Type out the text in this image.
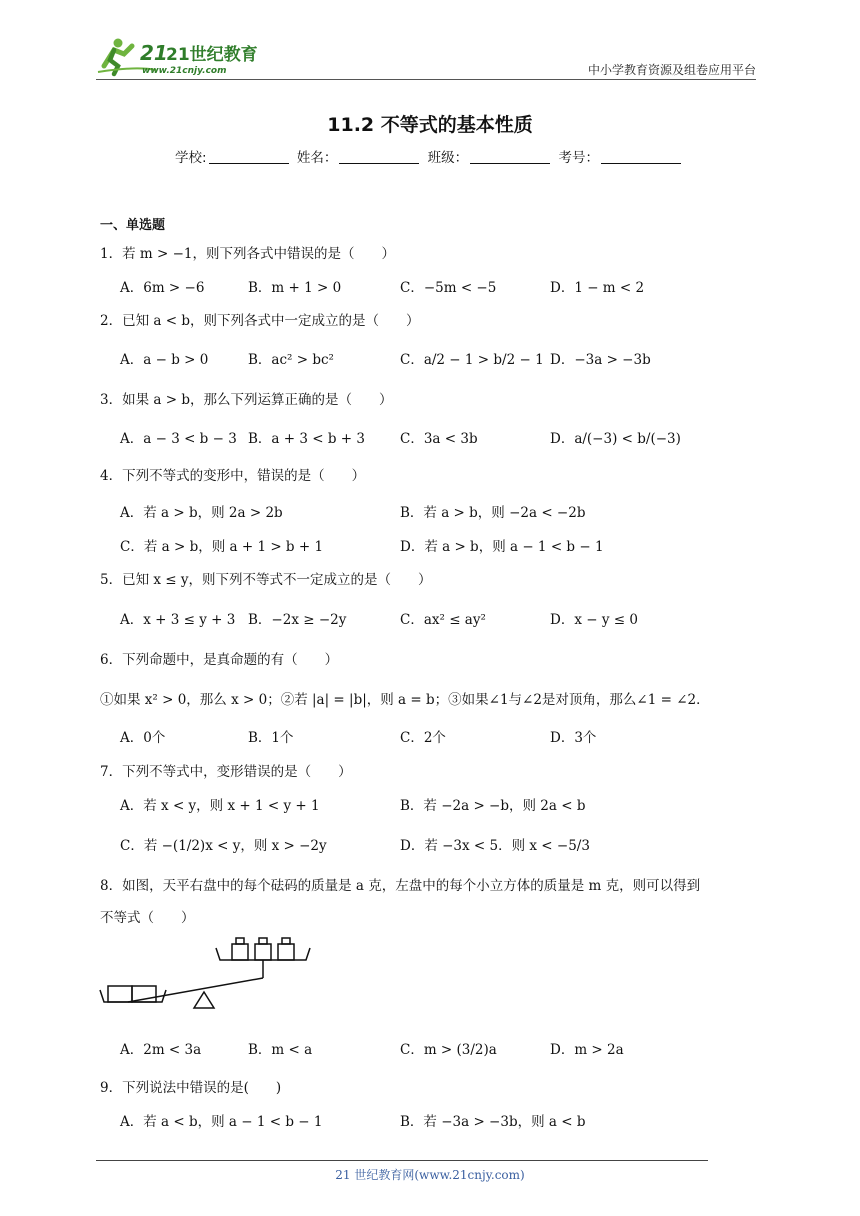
21
21世纪教育
www.21cnjy.com	中小学教育资源及组卷应用平台
11.2 不等式的基本性质
学校:	姓名：	班级：	考号：
一、单选题
1．若 m > −1，则下列各式中错误的是（　　）
A．6m > −6	B．m + 1 > 0	C．−5m < −5	D．1 − m < 2
2．已知 a < b，则下列各式中一定成立的是（　　）
A．a − b > 0	B．ac² > bc²	C．a/2 − 1 > b/2 − 1 D．−3a > −3b
3．如果 a > b，那么下列运算正确的是（　　）
A．a − 3 < b − 3 B．a + 3 < b + 3	C．3a < 3b	D．a/(−3) < b/(−3)
4．下列不等式的变形中，错误的是（　　）
A．若 a > b，则 2a > 2b	B．若 a > b，则 −2a < −2b
C．若 a > b，则 a + 1 > b + 1	D．若 a > b，则 a − 1 < b − 1
5．已知 x ≤ y，则下列不等式不一定成立的是（　　）
A．x + 3 ≤ y + 3 B．−2x ≥ −2y	C．ax² ≤ ay²	D．x − y ≤ 0
6．下列命题中，是真命题的有（　　）
①如果 x² > 0，那么 x > 0；②若 |a| = |b|，则 a = b；③如果∠1与∠2是对顶角，那么∠1 = ∠2．
A．0个	B．1个	C．2个	D．3个
7．下列不等式中，变形错误的是（　　）
A．若 x < y，则 x + 1 < y + 1	B．若 −2a > −b，则 2a < b
C．若 −(1/2)x < y，则 x > −2y	D．若 −3x < 5．则 x < −5/3
8．如图，天平右盘中的每个砝码的质量是 a 克，左盘中的每个小立方体的质量是 m 克，则可以得到
不等式（　　）
A．2m < 3a	B．m < a	C．m > (3/2)a	D．m > 2a
9．下列说法中错误的是(　　)
A．若 a < b，则 a − 1 < b − 1	B．若 −3a > −3b，则 a < b
21 世纪教育网(www.21cnjy.com)
